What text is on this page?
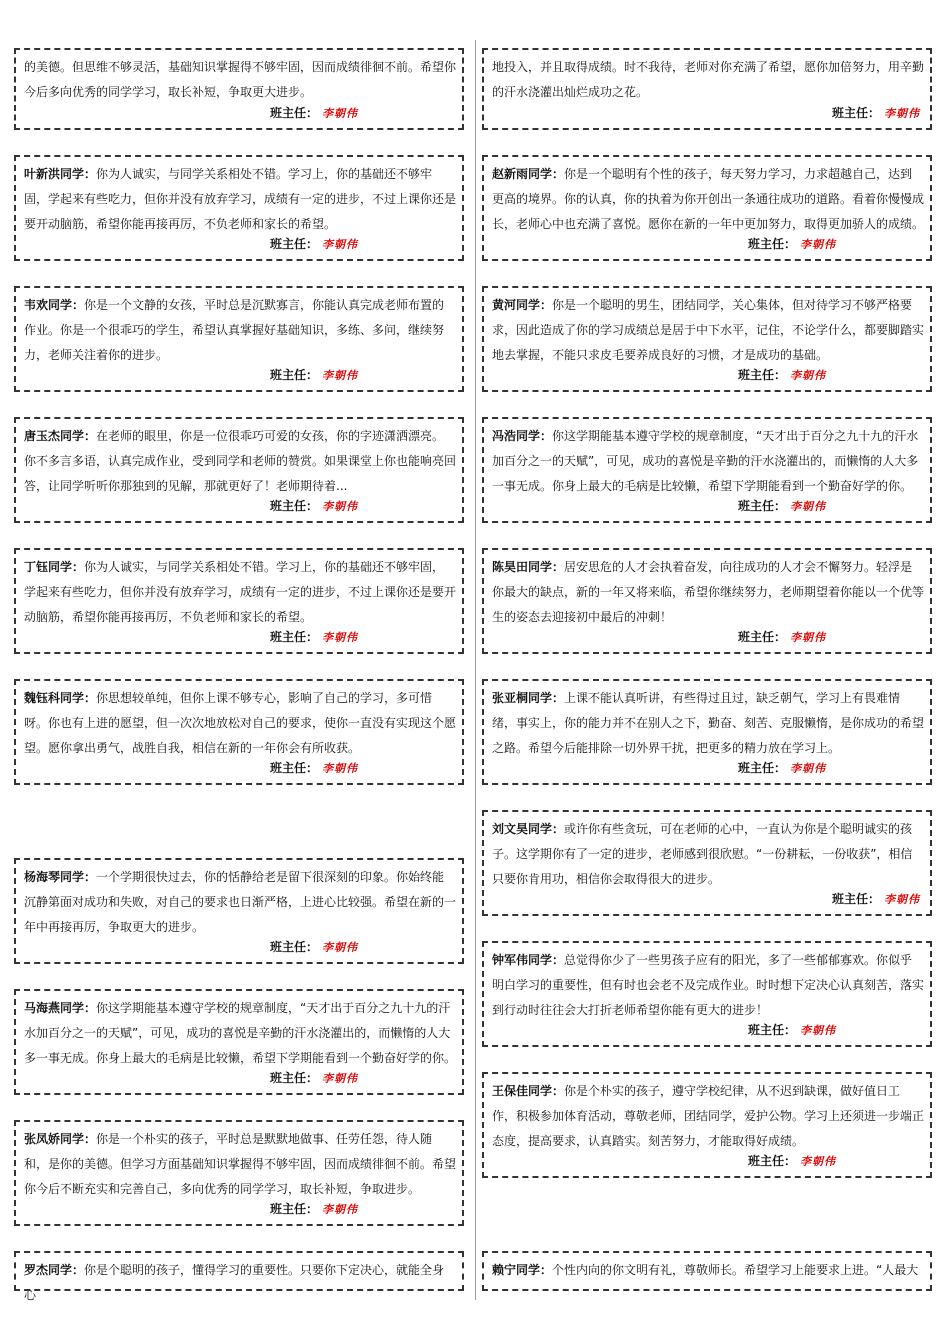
的美德。但思维不够灵活，基础知识掌握得不够牢固，因而成绩徘徊不前。希望你今后多向优秀的同学学习，取长补短，争取更大进步。

班主任： 李朝伟

叶新洪同学：你为人诚实，与同学关系相处不错。学习上，你的基础还不够牢固，学起来有些吃力，但你并没有放弃学习，成绩有一定的进步，不过上课你还是要开动脑筋，希望你能再接再厉，不负老师和家长的希望。

班主任： 李朝伟

韦欢同学：你是一个文静的女孩，平时总是沉默寡言，你能认真完成老师布置的作业。你是一个很乖巧的学生，希望认真掌握好基础知识，多练、多问，继续努力，老师关注着你的进步。

班主任： 李朝伟

唐玉杰同学：在老师的眼里，你是一位很乖巧可爱的女孩，你的字迹潇洒漂亮。你不多言多语，认真完成作业，受到同学和老师的赞赏。如果课堂上你也能响亮回答，让同学听听你那独到的见解，那就更好了！老师期待着...

班主任： 李朝伟

丁钰同学：你为人诚实，与同学关系相处不错。学习上，你的基础还不够牢固，学起来有些吃力，但你并没有放弃学习，成绩有一定的进步，不过上课你还是要开动脑筋，希望你能再接再厉，不负老师和家长的希望。

班主任： 李朝伟

魏钰科同学：你思想较单纯，但你上课不够专心，影响了自己的学习，多可惜呀。你也有上进的愿望，但一次次地放松对自己的要求，使你一直没有实现这个愿望。愿你拿出勇气，战胜自我，相信在新的一年你会有所收获。

班主任： 李朝伟

杨海琴同学：一个学期很快过去，你的恬静给老是留下很深刻的印象。你始终能沉静第面对成功和失败，对自己的要求也日渐严格，上进心比较强。希望在新的一年中再接再厉，争取更大的进步。

班主任： 李朝伟

马海燕同学：你这学期能基本遵守学校的规章制度，“天才出于百分之九十九的汗水加百分之一的天赋”，可见，成功的喜悦是辛勤的汗水浇灌出的，而懒惰的人大多一事无成。你身上最大的毛病是比较懒，希望下学期能看到一个勤奋好学的你。

班主任： 李朝伟

张凤娇同学：你是一个朴实的孩子，平时总是默默地做事、任劳任怨，待人随和，是你的美德。但学习方面基础知识掌握得不够牢固，因而成绩徘徊不前。希望你今后不断充实和完善自己，多向优秀的同学学习，取长补短，争取进步。

班主任： 李朝伟

罗杰同学：你是个聪明的孩子，懂得学习的重要性。只要你下定决心，就能全身心

地投入，并且取得成绩。时不我待，老师对你充满了希望，愿你加倍努力，用辛勤的汗水浇灌出灿烂成功之花。

班主任： 李朝伟

赵新雨同学：你是一个聪明有个性的孩子，每天努力学习，力求超越自己，达到更高的境界。你的认真，你的执着为你开创出一条通往成功的道路。看着你慢慢成长，老师心中也充满了喜悦。愿你在新的一年中更加努力，取得更加骄人的成绩。

班主任： 李朝伟

黄河同学：你是一个聪明的男生，团结同学，关心集体，但对待学习不够严格要求，因此造成了你的学习成绩总是居于中下水平，记住，不论学什么，都要脚踏实地去掌握，不能只求皮毛要养成良好的习惯，才是成功的基础。

班主任： 李朝伟

冯浩同学：你这学期能基本遵守学校的规章制度，“天才出于百分之九十九的汗水加百分之一的天赋”，可见，成功的喜悦是辛勤的汗水浇灌出的，而懒惰的人大多一事无成。你身上最大的毛病是比较懒，希望下学期能看到一个勤奋好学的你。

班主任： 李朝伟

陈昊田同学：居安思危的人才会执着奋发，向往成功的人才会不懈努力。轻浮是你最大的缺点，新的一年又将来临，希望你继续努力，老师期望着你能以一个优等生的姿态去迎接初中最后的冲刺！

班主任： 李朝伟

张亚桐同学：上课不能认真听讲，有些得过且过，缺乏朝气，学习上有畏难情绪，事实上，你的能力并不在别人之下，勤奋、刻苦、克服懒惰，是你成功的希望之路。希望今后能排除一切外界干扰，把更多的精力放在学习上。

班主任： 李朝伟

刘文昊同学：或许你有些贪玩，可在老师的心中，一直认为你是个聪明诚实的孩子。这学期你有了一定的进步，老师感到很欣慰。“一份耕耘，一份收获”，相信只要你肯用功，相信你会取得很大的进步。

班主任： 李朝伟

钟军伟同学：总觉得你少了一些男孩子应有的阳光，多了一些郁郁寡欢。你似乎明白学习的重要性，但有时也会老不及完成作业。时时想下定决心认真刻苦，落实到行动时往往会大打折老师希望你能有更大的进步！

班主任： 李朝伟

王保佳同学：你是个朴实的孩子，遵守学校纪律，从不迟到缺课，做好值日工作，积极参加体育活动，尊敬老师，团结同学，爱护公物。学习上还须进一步端正态度，提高要求，认真踏实。刻苦努力，才能取得好成绩。

班主任： 李朝伟

赖宁同学：个性内向的你文明有礼，尊敬师长。希望学习上能要求上进。“人最大
